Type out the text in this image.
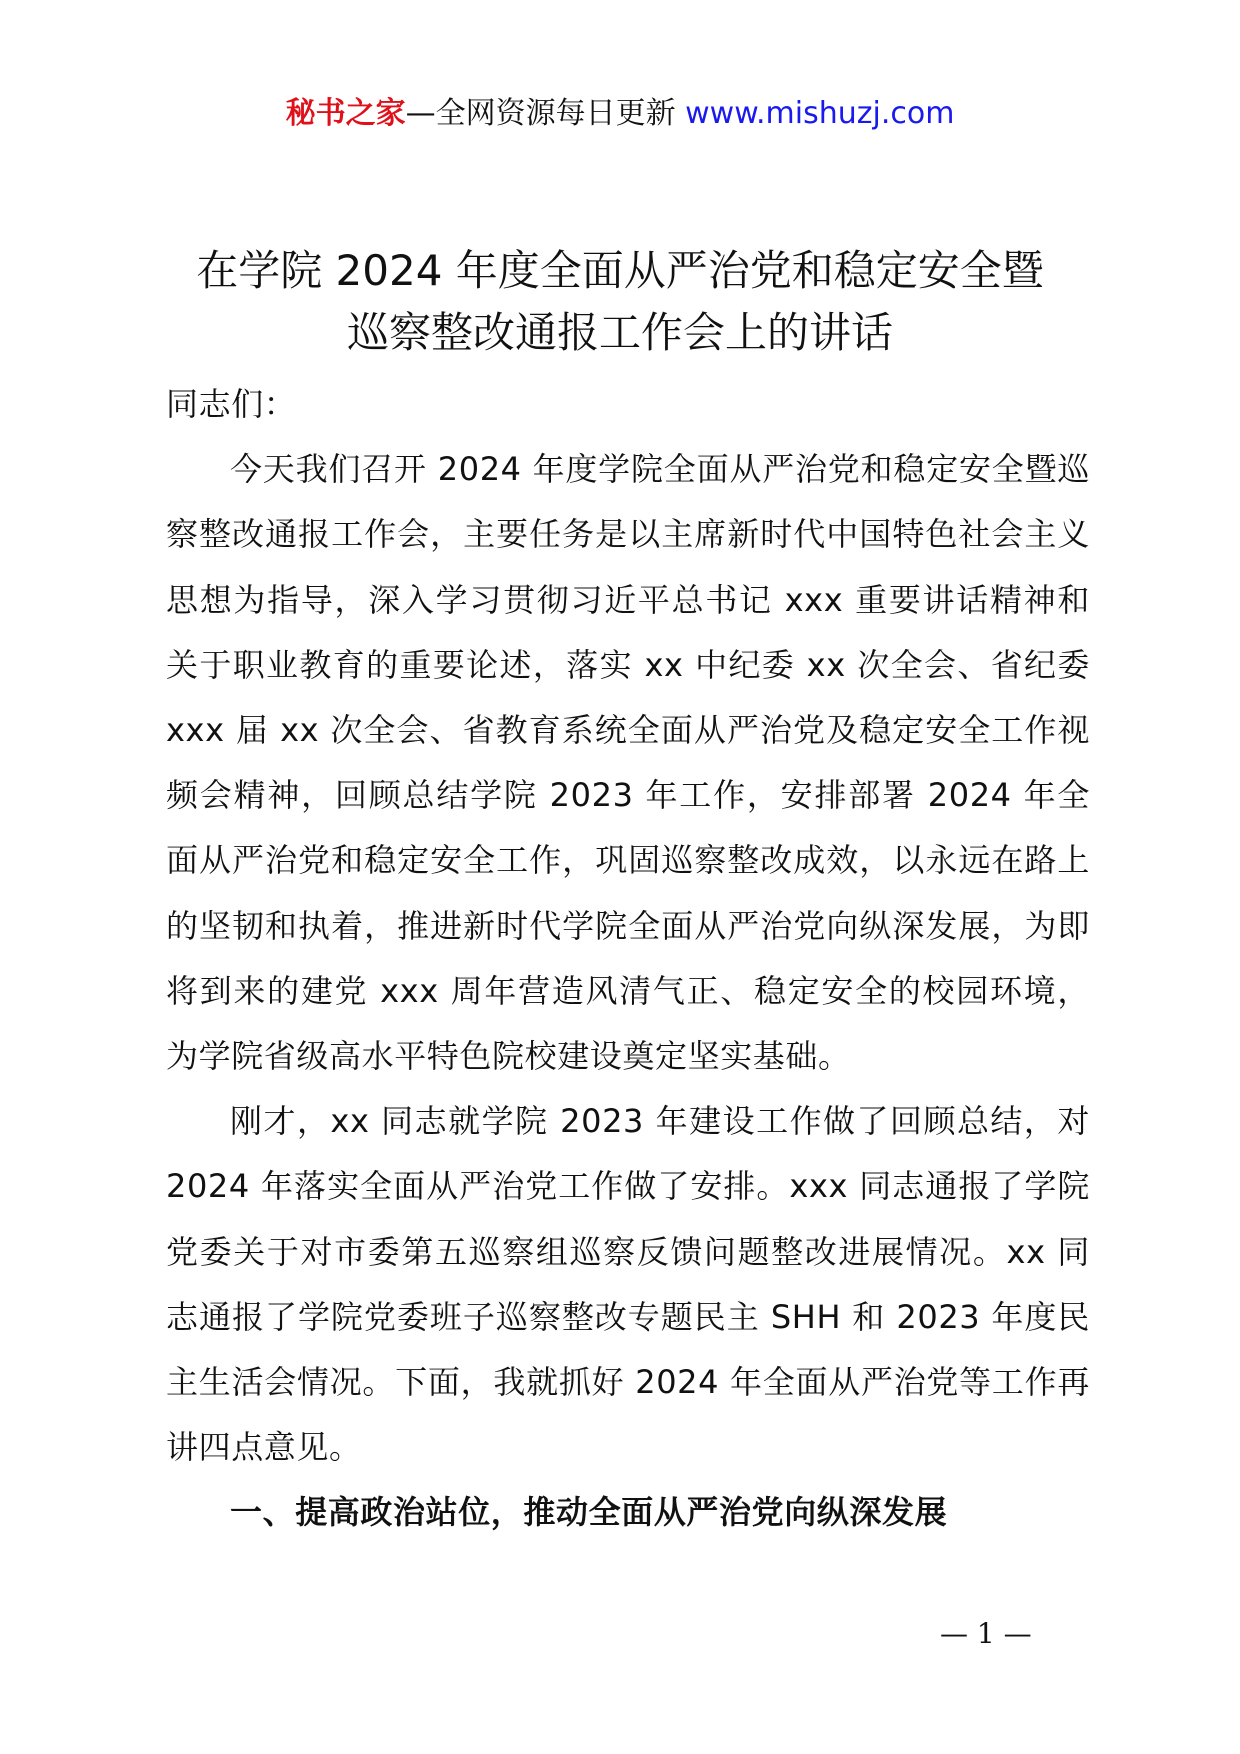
秘书之家—全网资源每日更新 www.mishuzj.com
在学院 2024 年度全面从严治党和稳定安全暨
巡察整改通报工作会上的讲话

同志们：

今天我们召开 2024 年度学院全面从严治党和稳定安全暨巡察整改通报工作会，主要任务是以主席新时代中国特色社会主义思想为指导，深入学习贯彻习近平总书记 xxx 重要讲话精神和关于职业教育的重要论述，落实 xx 中纪委 xx 次全会、省纪委 xxx 届 xx 次全会、省教育系统全面从严治党及稳定安全工作视频会精神，回顾总结学院 2023 年工作，安排部署 2024 年全面从严治党和稳定安全工作，巩固巡察整改成效，以永远在路上的坚韧和执着，推进新时代学院全面从严治党向纵深发展，为即将到来的建党 xxx 周年营造风清气正、稳定安全的校园环境，为学院省级高水平特色院校建设奠定坚实基础。

刚才，xx 同志就学院 2023 年建设工作做了回顾总结，对 2024 年落实全面从严治党工作做了安排。xxx 同志通报了学院党委关于对市委第五巡察组巡察反馈问题整改进展情况。xx 同志通报了学院党委班子巡察整改专题民主 SHH 和 2023 年度民主生活会情况。下面，我就抓好 2024 年全面从严治党等工作再讲四点意见。

一、提高政治站位，推动全面从严治党向纵深发展

— 1 —
